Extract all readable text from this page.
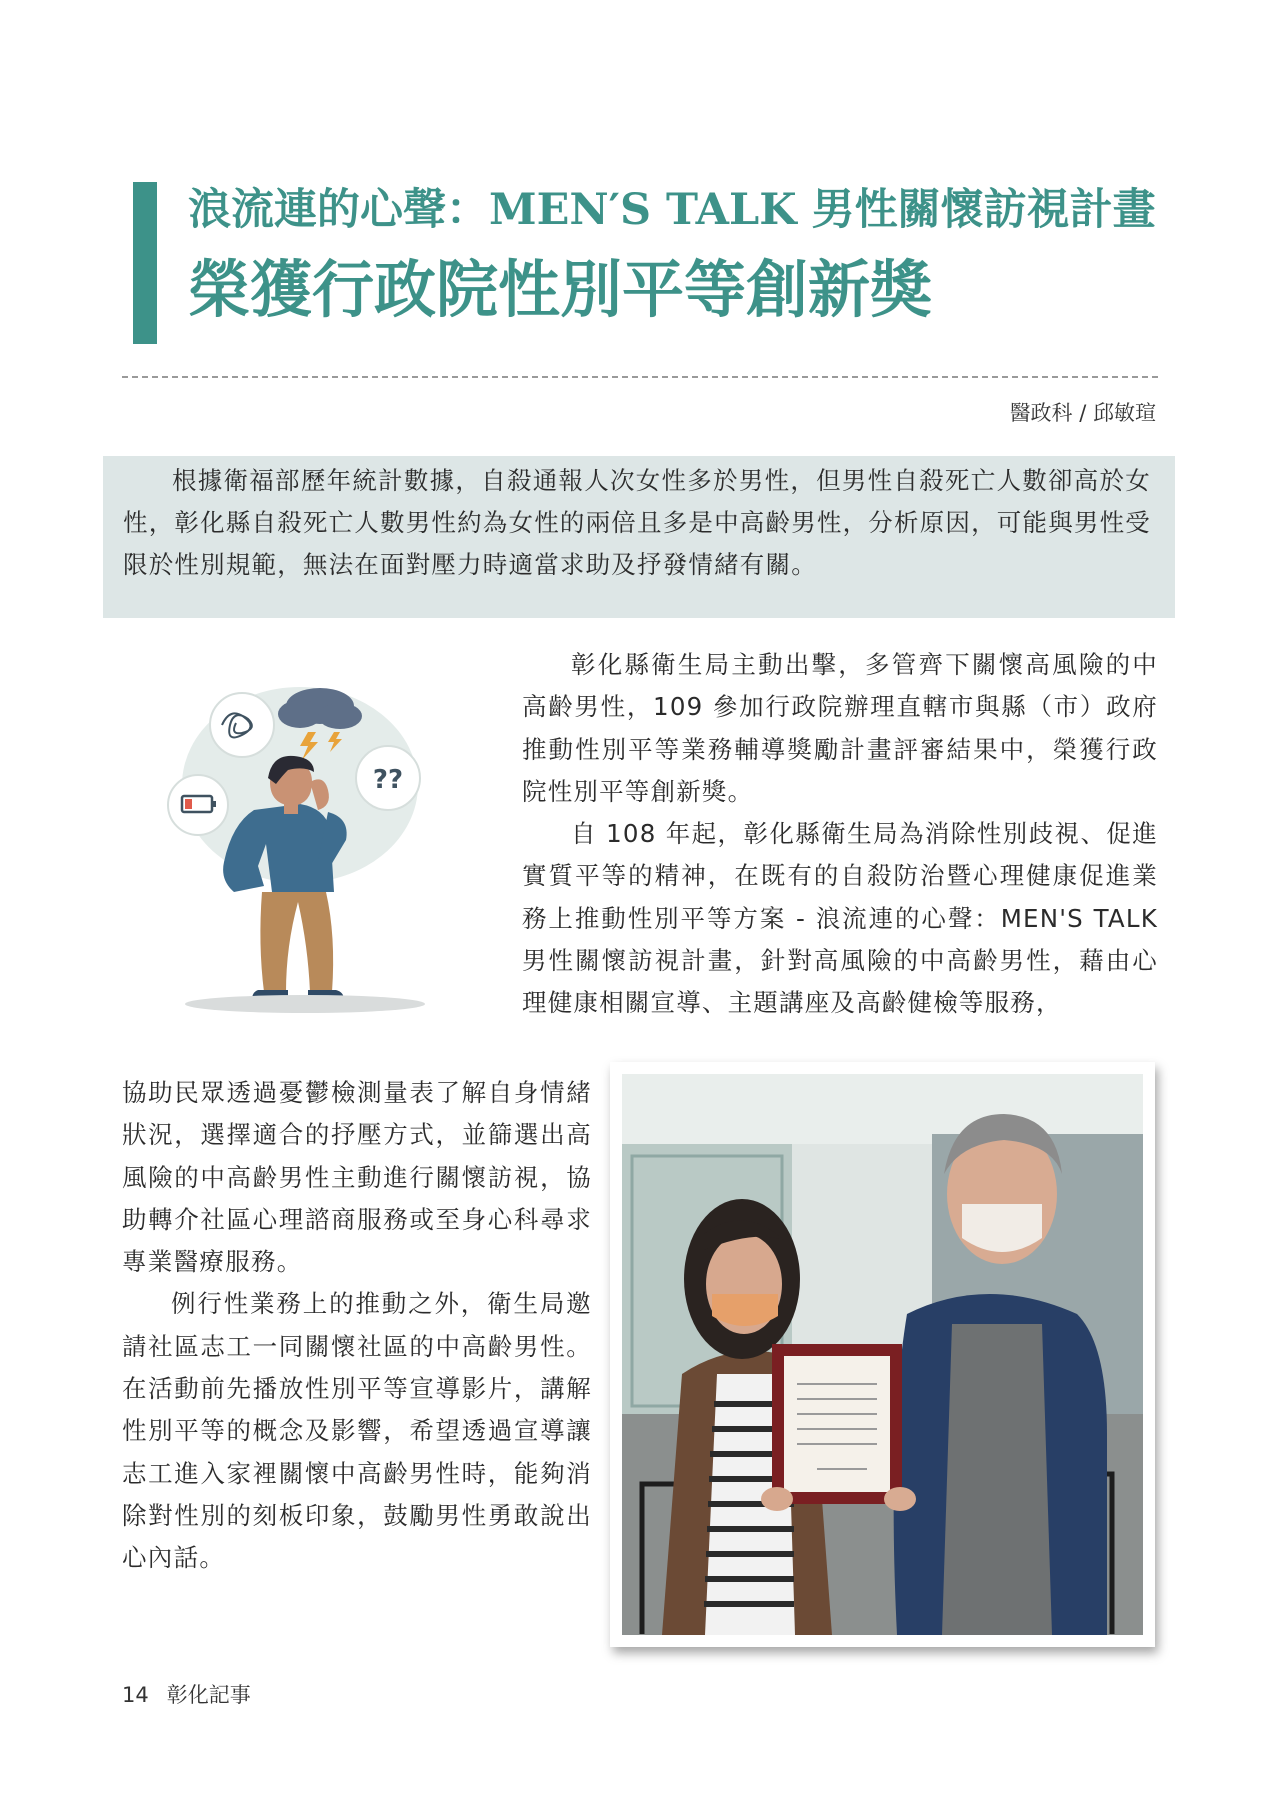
浪流連的心聲：MEN′S TALK 男性關懷訪視計畫
榮獲行政院性別平等創新獎
醫政科 / 邱敏瑄

根據衛福部歷年統計數據，自殺通報人次女性多於男性，但男性自殺死亡人數卻高於女性，彰化縣自殺死亡人數男性約為女性的兩倍且多是中高齡男性，分析原因，可能與男性受限於性別規範，無法在面對壓力時適當求助及抒發情緒有關。

??

彰化縣衛生局主動出擊，多管齊下關懷高風險的中高齡男性，109 參加行政院辦理直轄市與縣（市）政府推動性別平等業務輔導獎勵計畫評審結果中，榮獲行政院性別平等創新獎。

自 108 年起，彰化縣衛生局為消除性別歧視、促進實質平等的精神，在既有的自殺防治暨心理健康促進業務上推動性別平等方案 - 浪流連的心聲：MEN'S TALK 男性關懷訪視計畫，針對高風險的中高齡男性，藉由心理健康相關宣導、主題講座及高齡健檢等服務，

協助民眾透過憂鬱檢測量表了解自身情緒狀況，選擇適合的抒壓方式，並篩選出高風險的中高齡男性主動進行關懷訪視，協助轉介社區心理諮商服務或至身心科尋求專業醫療服務。

例行性業務上的推動之外，衛生局邀請社區志工一同關懷社區的中高齡男性。在活動前先播放性別平等宣導影片，講解性別平等的概念及影響，希望透過宣導讓志工進入家裡關懷中高齡男性時，能夠消除對性別的刻板印象，鼓勵男性勇敢說出心內話。

14 彰化記事
